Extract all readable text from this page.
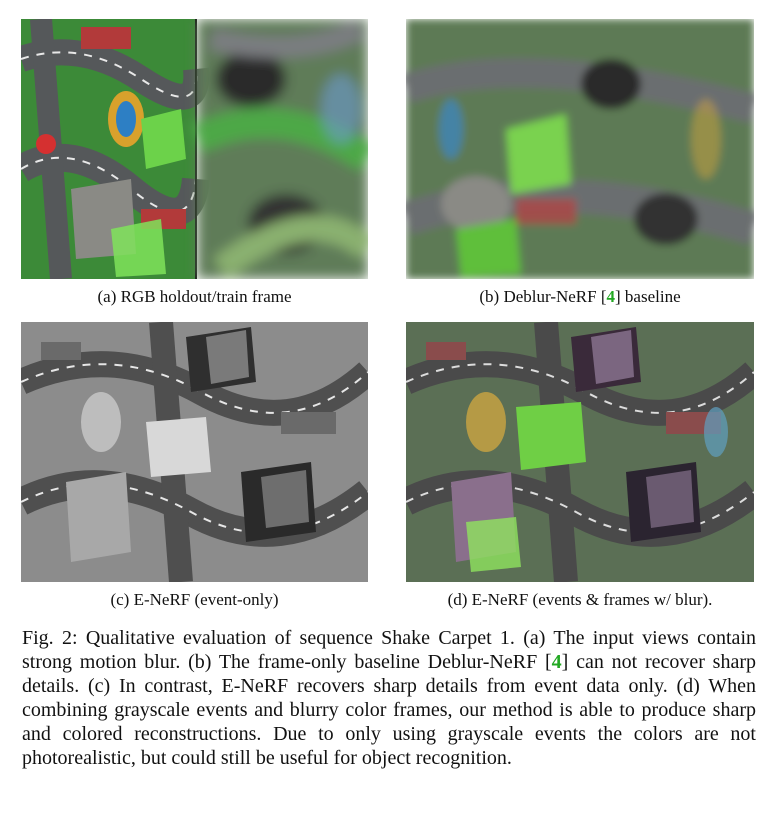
(a) RGB holdout/train frame	(b) Deblur-NeRF [4] baseline
(c) E-NeRF (event-only)	(d) E-NeRF (events & frames w/ blur).
Fig. 2: Qualitative evaluation of sequence Shake Carpet 1. (a) The input views contain strong motion blur. (b) The frame-only baseline Deblur-NeRF [4] can not recover sharp details. (c) In contrast, E-NeRF recovers sharp details from event data only. (d) When combining grayscale events and blurry color frames, our method is able to produce sharp and colored reconstructions. Due to only using grayscale events the colors are not photorealistic, but could still be useful for object recognition.
